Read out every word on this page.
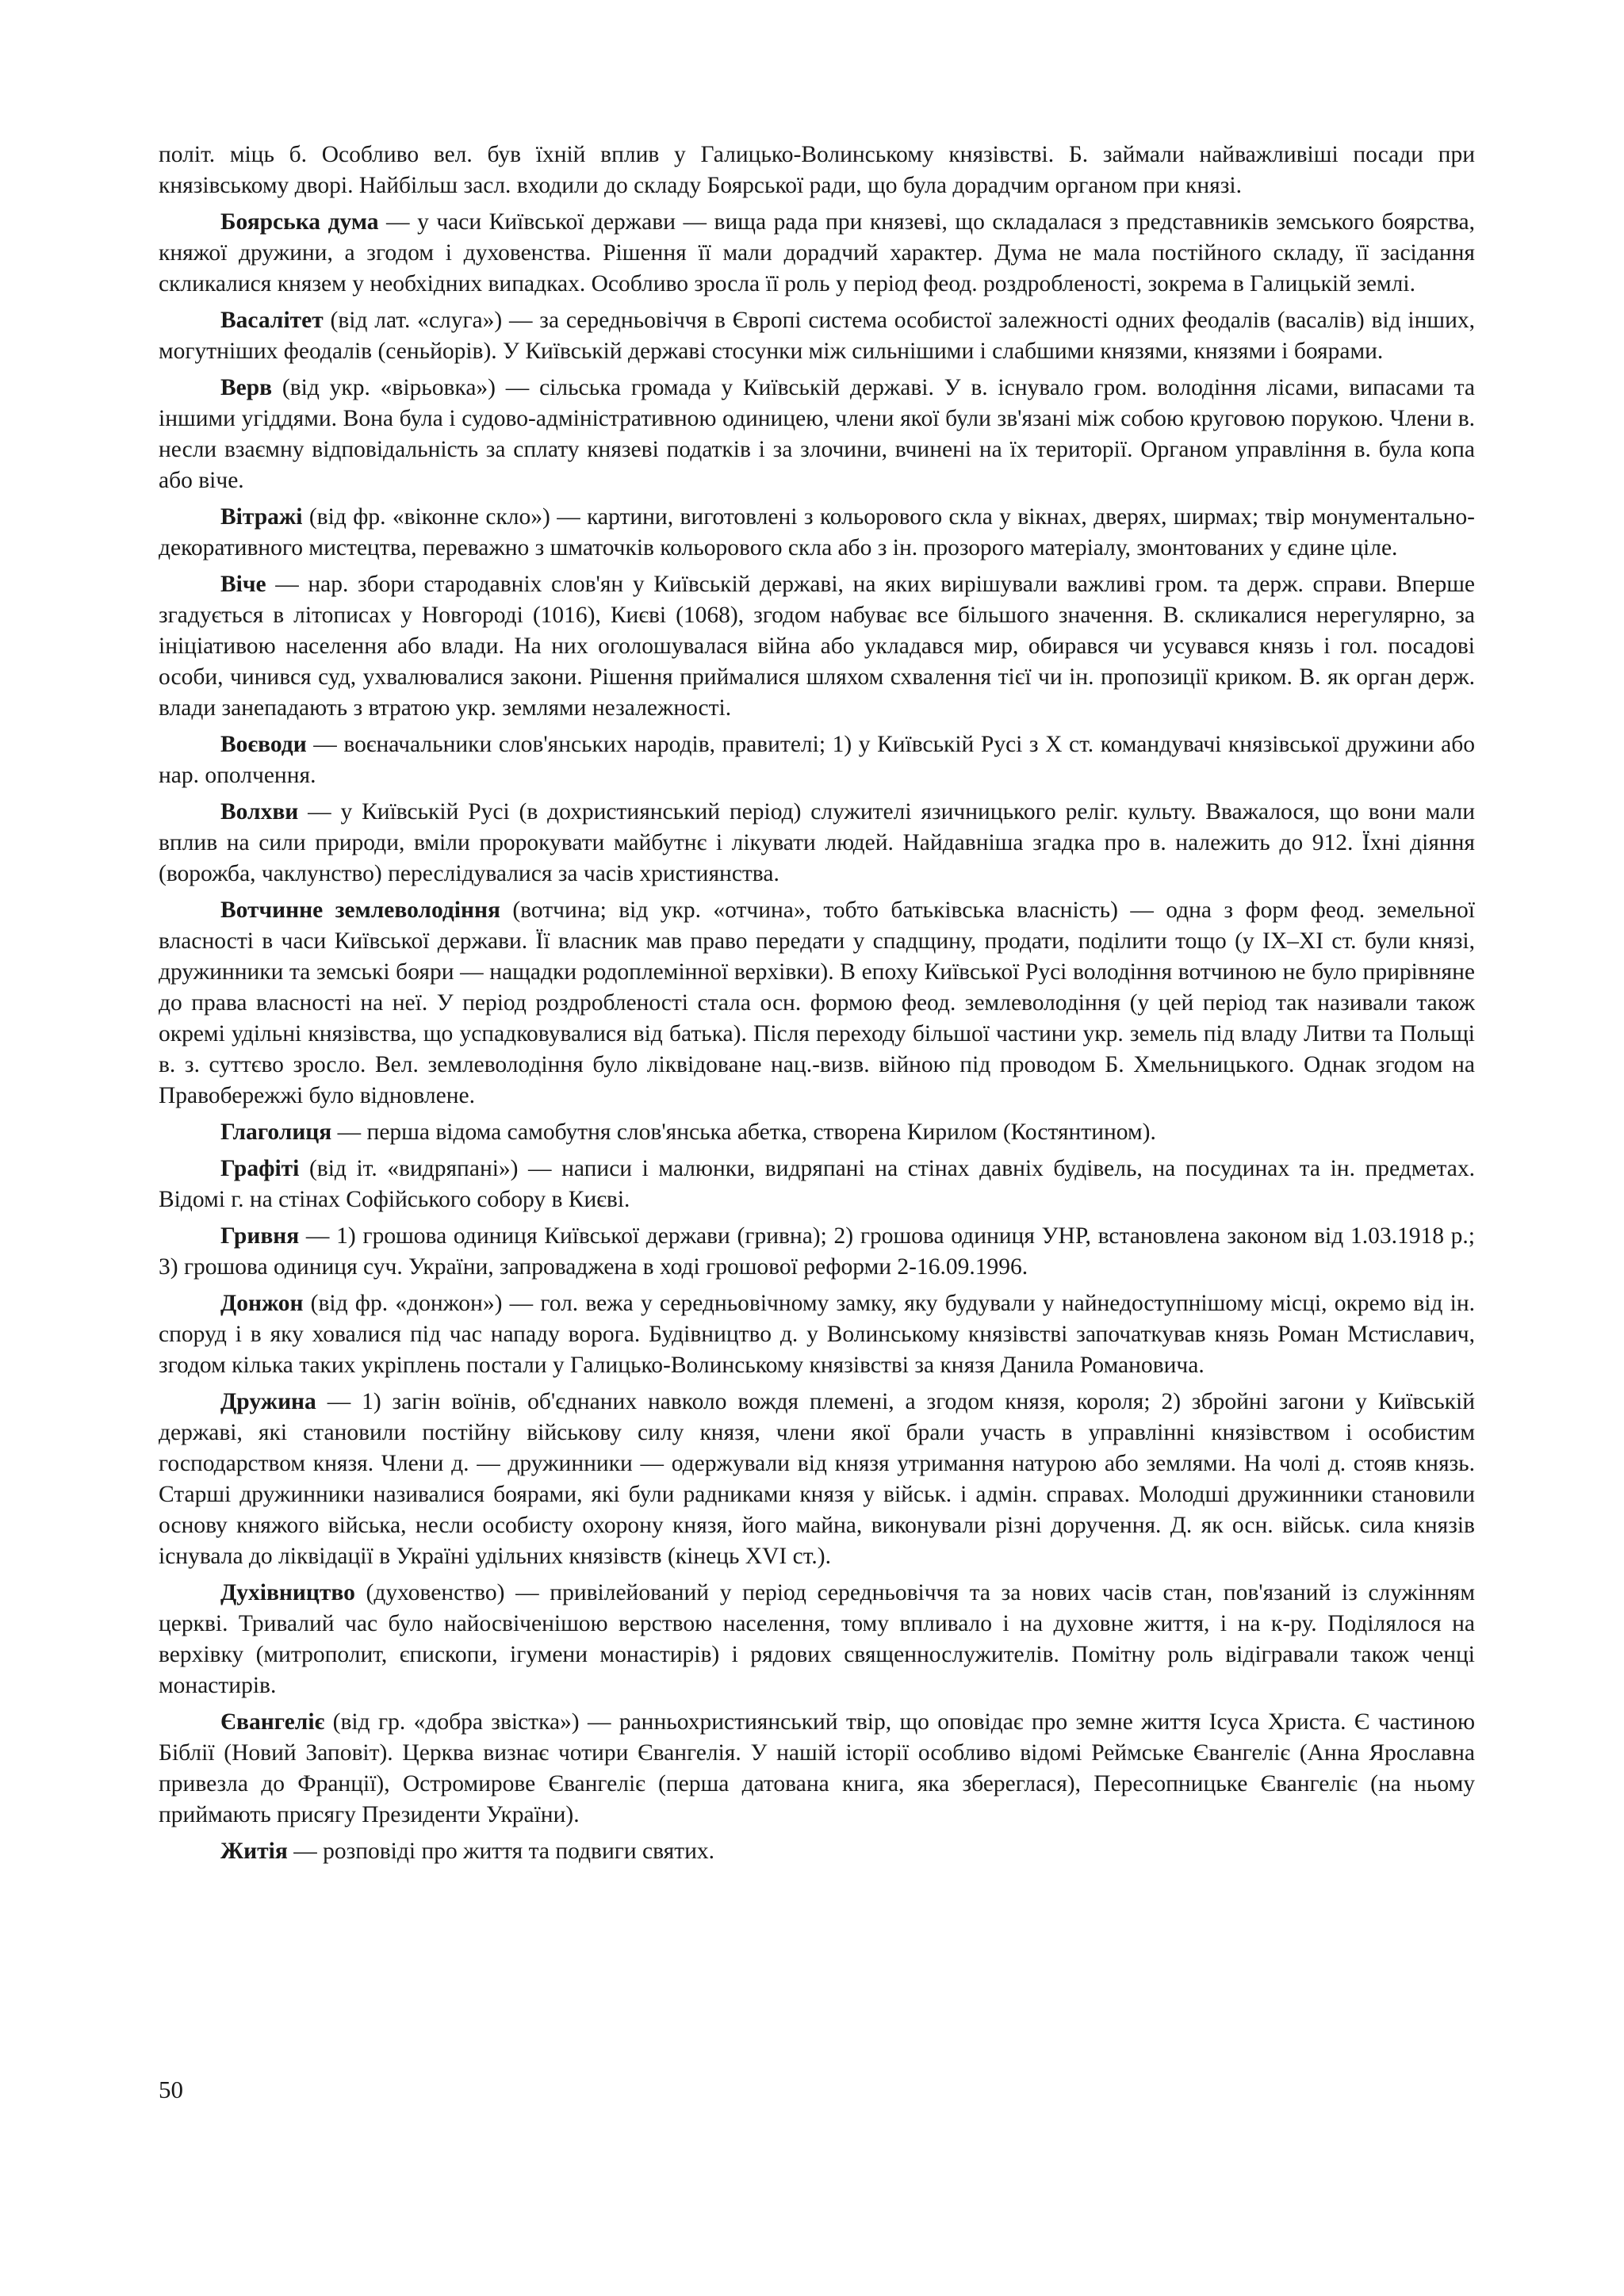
політ. міць б. Особливо вел. був їхній вплив у Галицько-Волинському князівстві. Б. займали найважливіші посади при князівському дворі. Найбільш засл. входили до складу Боярської ради, що була дорадчим органом при князі.

Боярська дума — у часи Київської держави — вища рада при князеві, що складалася з представників земського боярства, княжої дружини, а згодом і духовенства. Рішення її мали дорадчий характер. Дума не мала постійного складу, її засідання скликалися князем у необхідних випадках. Особливо зросла її роль у період феод. роздробленості, зокрема в Галицькій землі.

Васалітет (від лат. «слуга») — за середньовіччя в Європі система особистої залежності одних феодалів (васалів) від інших, могутніших феодалів (сеньйорів). У Київській державі стосунки між сильнішими і слабшими князями, князями і боярами.

Верв (від укр. «вірьовка») — сільська громада у Київській державі. У в. існувало гром. володіння лісами, випасами та іншими угіддями. Вона була і судово-адміністративною одиницею, члени якої були зв'язані між собою круговою порукою. Члени в. несли взаємну відповідальність за сплату князеві податків і за злочини, вчинені на їх території. Органом управління в. була копа або віче.

Вітражі (від фр. «віконне скло») — картини, виготовлені з кольорового скла у вікнах, дверях, ширмах; твір монументально-декоративного мистецтва, переважно з шматочків кольорового скла або з ін. прозорого матеріалу, змонтованих у єдине ціле.

Віче — нар. збори стародавніх слов'ян у Київській державі, на яких вирішували важливі гром. та держ. справи. Вперше згадується в літописах у Новгороді (1016), Києві (1068), згодом набуває все більшого значення. В. скликалися нерегулярно, за ініціативою населення або влади. На них оголошувалася війна або укладався мир, обирався чи усувався князь і гол. посадові особи, чинився суд, ухвалювалися закони. Рішення приймалися шляхом схвалення тієї чи ін. пропозиції криком. В. як орган держ. влади занепадають з втратою укр. землями незалежності.

Воєводи — воєначальники слов'янських народів, правителі; 1) у Київській Русі з X ст. командувачі князівської дружини або нар. ополчення.

Волхви — у Київській Русі (в дохристиянський період) служителі язичницького реліг. культу. Вважалося, що вони мали вплив на сили природи, вміли пророкувати майбутнє і лікувати людей. Найдавніша згадка про в. належить до 912. Їхні діяння (ворожба, чаклунство) переслідувалися за часів християнства.

Вотчинне землеволодіння (вотчина; від укр. «отчина», тобто батьківська власність) — одна з форм феод. земельної власності в часи Київської держави. Її власник мав право передати у спадщину, продати, поділити тощо (у IX–XI ст. були князі, дружинники та земські бояри — нащадки родоплемінної верхівки). В епоху Київської Русі володіння вотчиною не було прирівняне до права власності на неї. У період роздробленості стала осн. формою феод. землеволодіння (у цей період так називали також окремі удільні князівства, що успадковувалися від батька). Після переходу більшої частини укр. земель під владу Литви та Польщі в. з. суттєво зросло. Вел. землеволодіння було ліквідоване нац.-визв. війною під проводом Б. Хмельницького. Однак згодом на Правобережжі було відновлене.

Глаголиця — перша відома самобутня слов'янська абетка, створена Кирилом (Костянтином).

Графіті (від іт. «видряпані») — написи і малюнки, видряпані на стінах давніх будівель, на посудинах та ін. предметах. Відомі г. на стінах Софійського собору в Києві.

Гривня — 1) грошова одиниця Київської держави (гривна); 2) грошова одиниця УНР, встановлена законом від 1.03.1918 р.; 3) грошова одиниця суч. України, запроваджена в ході грошової реформи 2-16.09.1996.

Донжон (від фр. «донжон») — гол. вежа у середньовічному замку, яку будували у найнедоступнішому місці, окремо від ін. споруд і в яку ховалися під час нападу ворога. Будівництво д. у Волинському князівстві започаткував князь Роман Мстиславич, згодом кілька таких укріплень постали у Галицько-Волинському князівстві за князя Данила Романовича.

Дружина — 1) загін воїнів, об'єднаних навколо вождя племені, а згодом князя, короля; 2) збройні загони у Київській державі, які становили постійну військову силу князя, члени якої брали участь в управлінні князівством і особистим господарством князя. Члени д. — дружинники — одержували від князя утримання натурою або землями. На чолі д. стояв князь. Старші дружинники називалися боярами, які були радниками князя у військ. і адмін. справах. Молодші дружинники становили основу княжого війська, несли особисту охорону князя, його майна, виконували різні доручення. Д. як осн. військ. сила князів існувала до ліквідації в Україні удільних князівств (кінець XVI ст.).

Духівництво (духовенство) — привілейований у період середньовіччя та за нових часів стан, пов'язаний із служінням церкві. Тривалий час було найосвіченішою верствою населення, тому впливало і на духовне життя, і на к-ру. Поділялося на верхівку (митрополит, єпископи, ігумени монастирів) і рядових священнослужителів. Помітну роль відігравали також ченці монастирів.

Євангеліє (від гр. «добра звістка») — ранньохристиянський твір, що оповідає про земне життя Ісуса Христа. Є частиною Біблії (Новий Заповіт). Церква визнає чотири Євангелія. У нашій історії особливо відомі Реймське Євангеліє (Анна Ярославна привезла до Франції), Остромирове Євангеліє (перша датована книга, яка збереглася), Пересопницьке Євангеліє (на ньому приймають присягу Президенти України).

Житія — розповіді про життя та подвиги святих.

50
